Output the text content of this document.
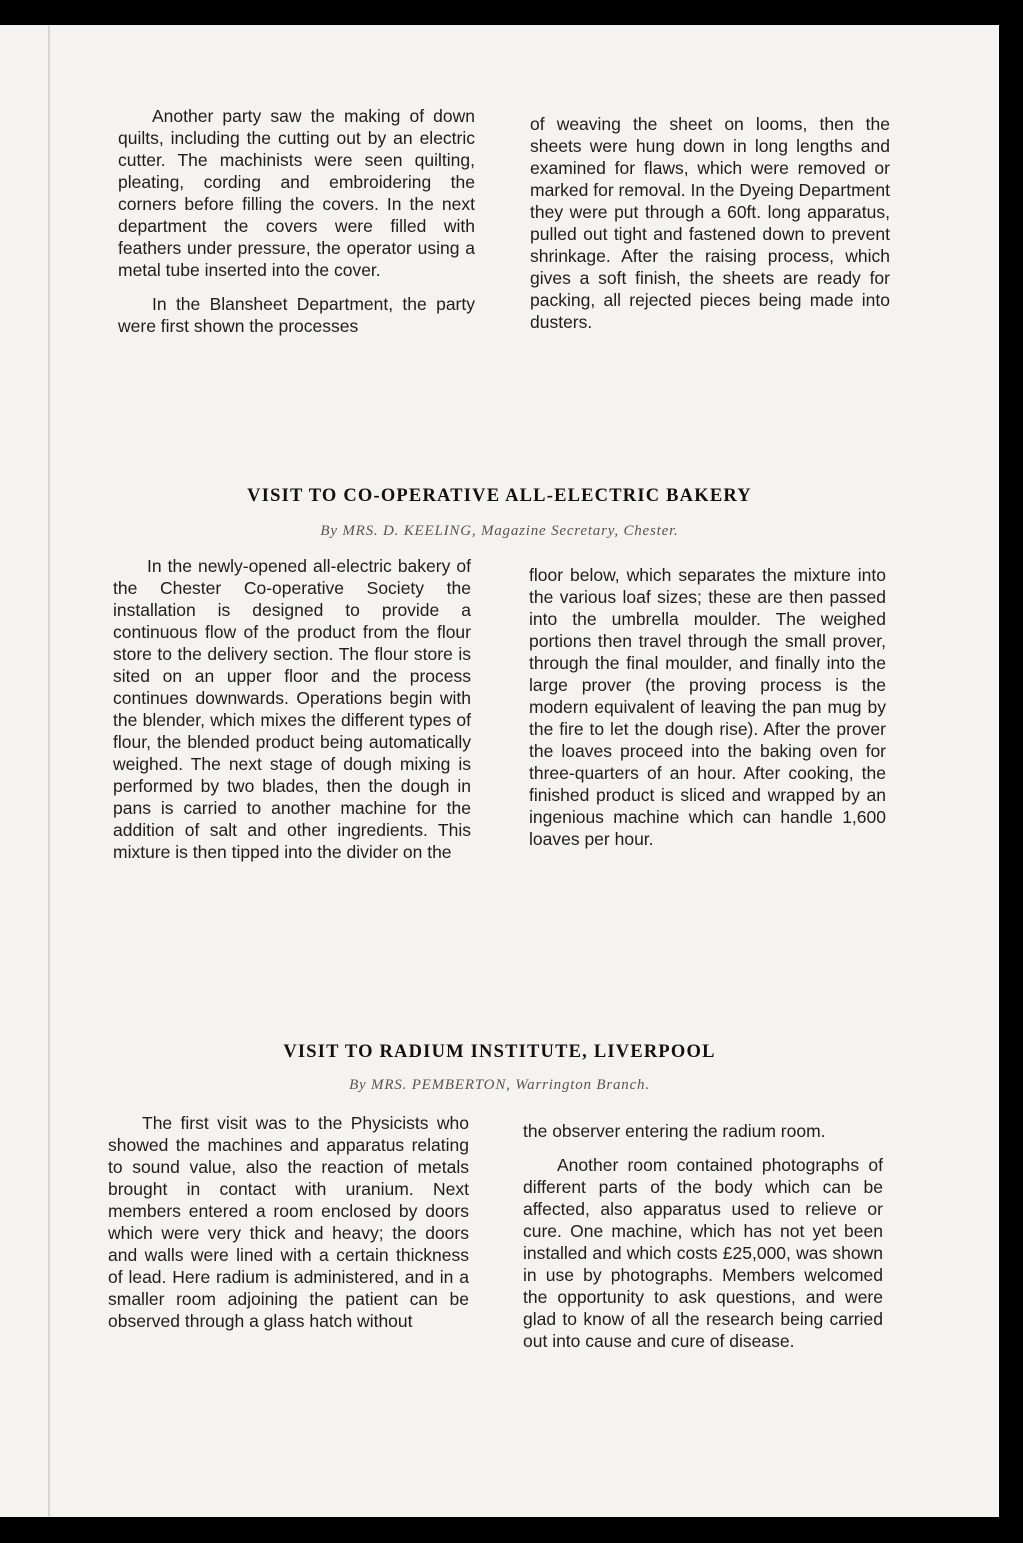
Another party saw the making of down quilts, including the cutting out by an electric cutter. The machinists were seen quilting, pleating, cording and embroidering the corners before filling the covers. In the next department the covers were filled with feathers under pressure, the operator using a metal tube inserted into the cover.

In the Blansheet Department, the party were first shown the processes

of weaving the sheet on looms, then the sheets were hung down in long lengths and examined for flaws, which were removed or marked for removal. In the Dyeing Department they were put through a 60ft. long apparatus, pulled out tight and fastened down to prevent shrinkage. After the raising process, which gives a soft finish, the sheets are ready for packing, all rejected pieces being made into dusters.

VISIT TO CO-OPERATIVE ALL-ELECTRIC BAKERY
By MRS. D. KEELING, Magazine Secretary, Chester.

In the newly-opened all-electric bakery of the Chester Co-operative Society the installation is designed to provide a continuous flow of the product from the flour store to the delivery section. The flour store is sited on an upper floor and the process continues downwards. Operations begin with the blender, which mixes the different types of flour, the blended product being automatically weighed. The next stage of dough mixing is performed by two blades, then the dough in pans is carried to another machine for the addition of salt and other ingredients. This mixture is then tipped into the divider on the

floor below, which separates the mixture into the various loaf sizes; these are then passed into the umbrella moulder. The weighed portions then travel through the small prover, through the final moulder, and finally into the large prover (the proving process is the modern equivalent of leaving the pan mug by the fire to let the dough rise). After the prover the loaves proceed into the baking oven for three-quarters of an hour. After cooking, the finished product is sliced and wrapped by an ingenious machine which can handle 1,600 loaves per hour.

VISIT TO RADIUM INSTITUTE, LIVERPOOL
By MRS. PEMBERTON, Warrington Branch.

The first visit was to the Physicists who showed the machines and apparatus relating to sound value, also the reaction of metals brought in contact with uranium. Next members entered a room enclosed by doors which were very thick and heavy; the doors and walls were lined with a certain thickness of lead. Here radium is administered, and in a smaller room adjoining the patient can be observed through a glass hatch without

the observer entering the radium room.

Another room contained photographs of different parts of the body which can be affected, also apparatus used to relieve or cure. One machine, which has not yet been installed and which costs £25,000, was shown in use by photographs. Members welcomed the opportunity to ask questions, and were glad to know of all the research being carried out into cause and cure of disease.
